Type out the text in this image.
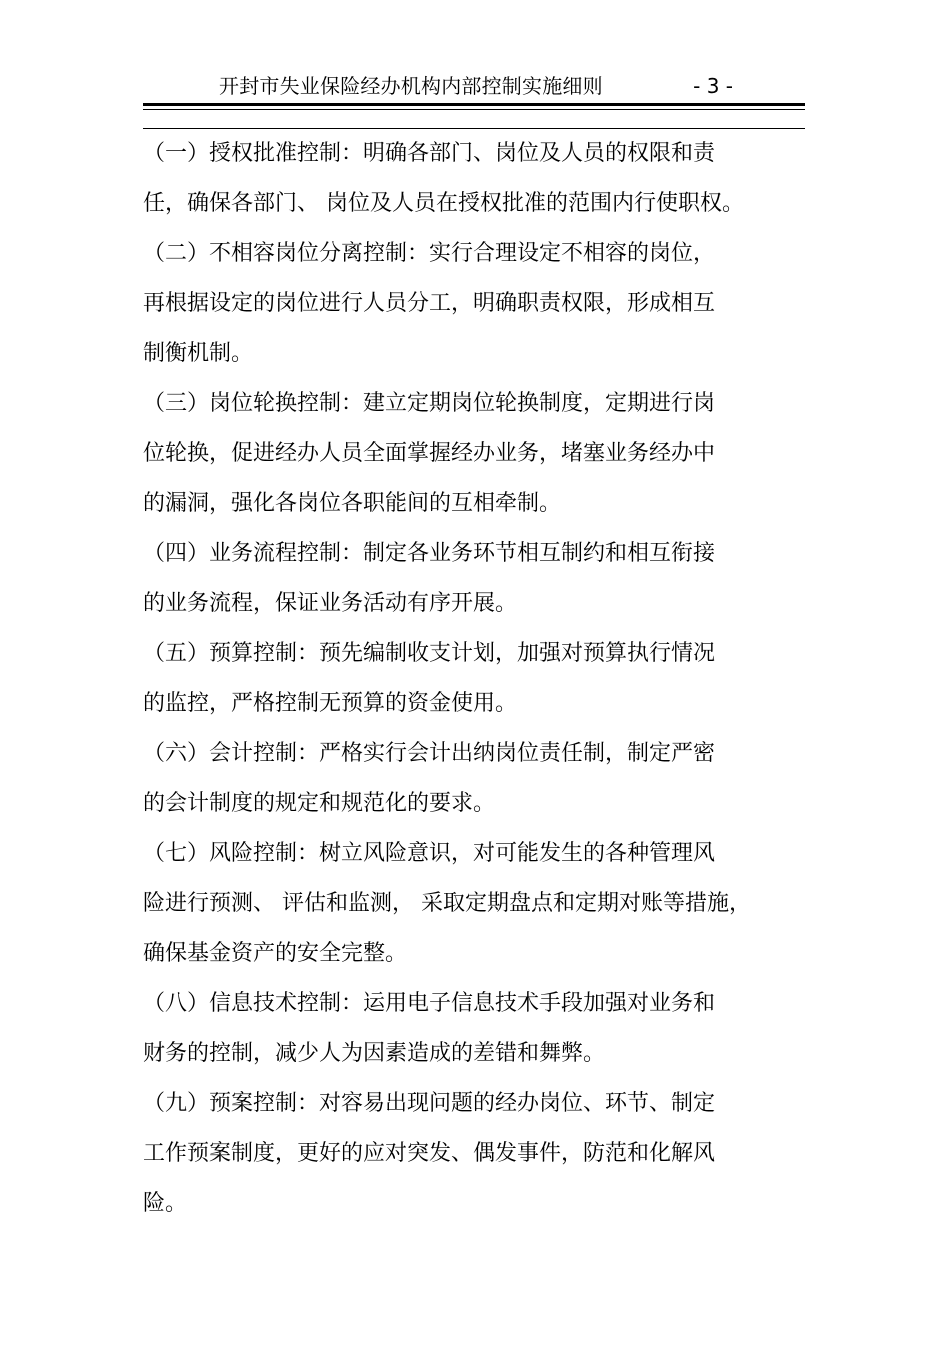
开封市失业保险经办机构内部控制实施细则	- 3 -
（一）授权批准控制：明确各部门、岗位及人员的权限和责
任，确保各部门、 岗位及人员在授权批准的范围内行使职权。
（二）不相容岗位分离控制：实行合理设定不相容的岗位，
再根据设定的岗位进行人员分工，明确职责权限，形成相互
制衡机制。
（三）岗位轮换控制：建立定期岗位轮换制度，定期进行岗
位轮换，促进经办人员全面掌握经办业务，堵塞业务经办中
的漏洞，强化各岗位各职能间的互相牵制。
（四）业务流程控制：制定各业务环节相互制约和相互衔接
的业务流程，保证业务活动有序开展。
（五）预算控制：预先编制收支计划，加强对预算执行情况
的监控，严格控制无预算的资金使用。
（六）会计控制：严格实行会计出纳岗位责任制，制定严密
的会计制度的规定和规范化的要求。
（七）风险控制：树立风险意识，对可能发生的各种管理风
险进行预测、 评估和监测， 采取定期盘点和定期对账等措施，
确保基金资产的安全完整。
（八）信息技术控制：运用电子信息技术手段加强对业务和
财务的控制，减少人为因素造成的差错和舞弊。
（九）预案控制：对容易出现问题的经办岗位、环节、制定
工作预案制度，更好的应对突发、偶发事件，防范和化解风
险。
